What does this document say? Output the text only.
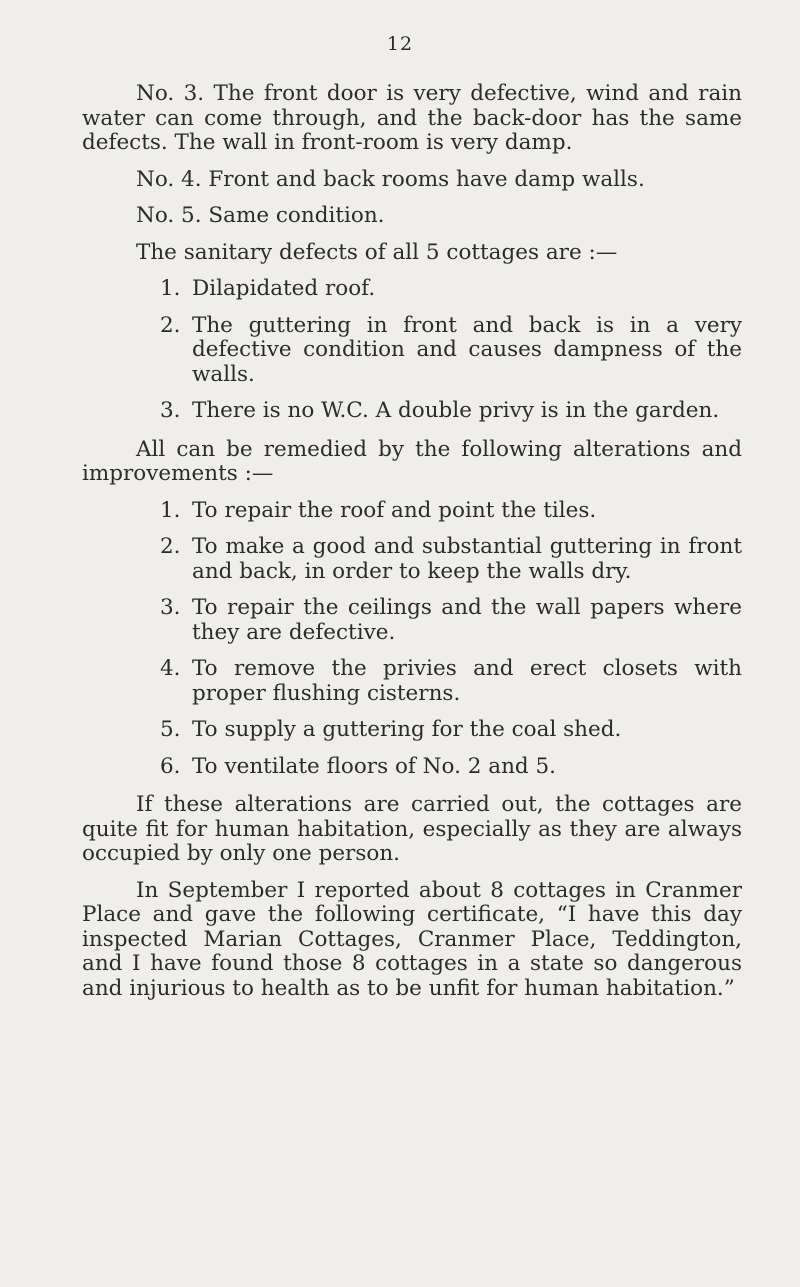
12

No. 3. The front door is very defective, wind and rain water can come through, and the back-door has the same defects. The wall in front-room is very damp.

No. 4. Front and back rooms have damp walls.

No. 5. Same condition.

The sanitary defects of all 5 cottages are :—

1. Dilapidated roof.
2. The guttering in front and back is in a very defective condition and causes dampness of the walls.
3. There is no W.C. A double privy is in the garden.

All can be remedied by the following alterations and improvements :—

1. To repair the roof and point the tiles.
2. To make a good and substantial guttering in front and back, in order to keep the walls dry.
3. To repair the ceilings and the wall papers where they are defective.
4. To remove the privies and erect closets with proper flushing cisterns.
5. To supply a guttering for the coal shed.
6. To ventilate floors of No. 2 and 5.

If these alterations are carried out, the cottages are quite fit for human habitation, especially as they are always occupied by only one person.

In September I reported about 8 cottages in Cranmer Place and gave the following certificate, “I have this day inspected Marian Cottages, Cranmer Place, Teddington, and I have found those 8 cottages in a state so dangerous and injurious to health as to be unfit for human habitation.”
